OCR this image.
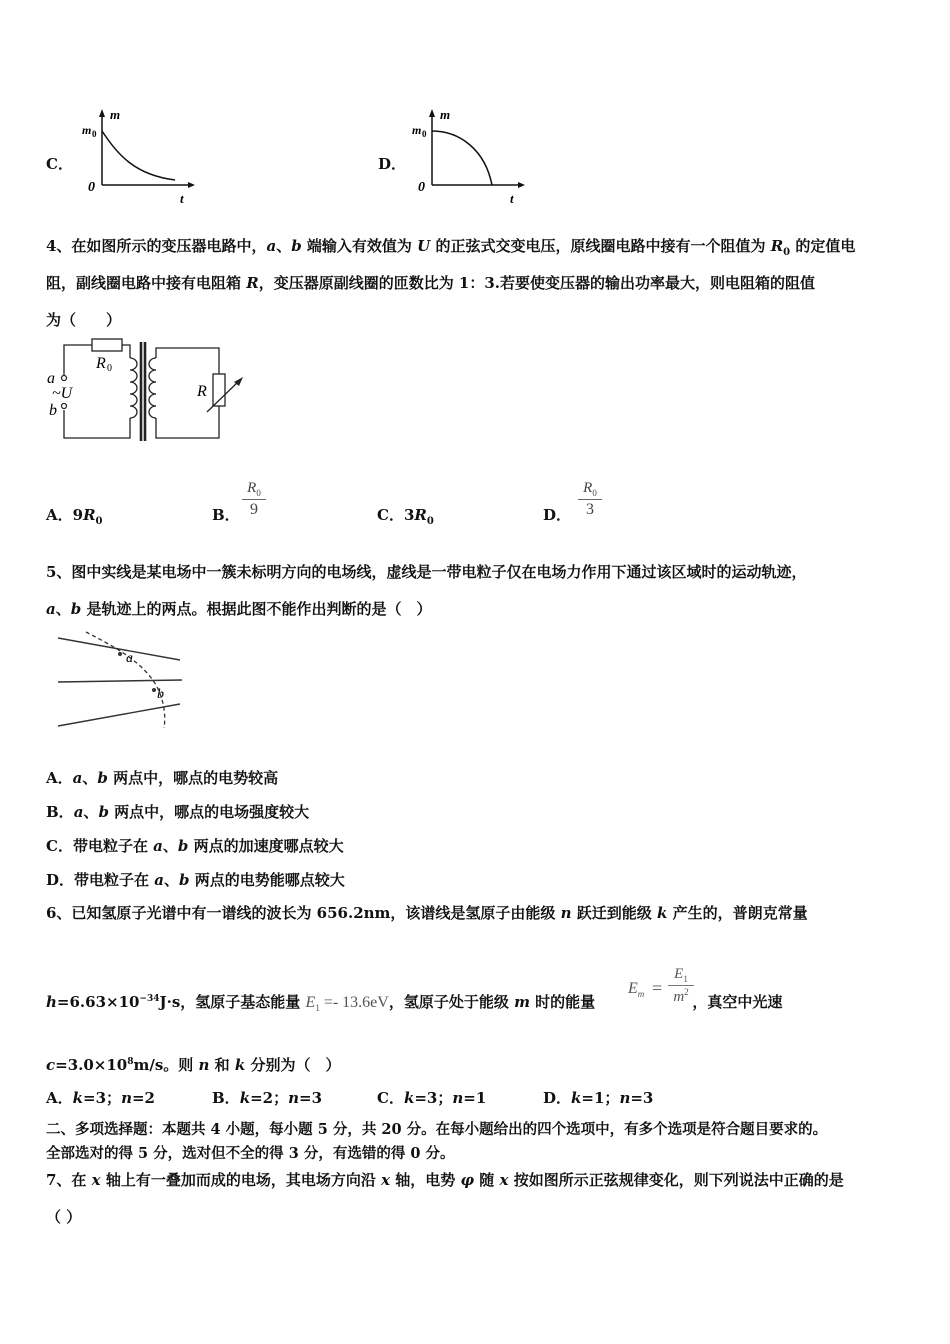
C．
m
m 0
0
t
D．
m
m 0
0
t
4、在如图所示的变压器电路中，a、b 端输入有效值为 U 的正弦式交变电压，原线圈电路中接有一个阻值为 $R_0$ 的定值电
阻，副线圈电路中接有电阻箱 R，变压器原副线圈的匝数比为 1：3.若要使变压器的输出功率最大，则电阻箱的阻值
为（　　）
R 0
a
~U
b
R
A．$9R_0$	B．
$R_0$
9	C．$3R_0$	D．
$R_0$
3
5、图中实线是某电场中一簇未标明方向的电场线，虚线是一带电粒子仅在电场力作用下通过该区域时的运动轨迹，
a、b 是轨迹上的两点。根据此图不能作出判断的是（　）
a
b
A．a、b 两点中，哪点的电势较高
B．a、b 两点中，哪点的电场强度较大
C．带电粒子在 a、b 两点的加速度哪点较大
D．带电粒子在 a、b 两点的电势能哪点较大
6、已知氢原子光谱中有一谱线的波长为 656.2nm，该谱线是氢原子由能级 n 跃迁到能级 k 产生的，普朗克常量
$h=6.63\times 10^{-34}J\cdot s$，氢原子基态能量 $E_1 =- 13.6eV$，氢原子处于能级 m 时的能量	，真空中光速
$E_m$ =
$E_1$
$m^2$
$c=3.0\times 10^8m/s$。则 n 和 k 分别为（　）
A．k=3；n=2	B．k=2；n=3	C．k=3；n=1	D．k=1；n=3
二、多项选择题：本题共 4 小题，每小题 5 分，共 20 分。在每小题给出的四个选项中，有多个选项是符合题目要求的。
全部选对的得 5 分，选对但不全的得 3 分，有选错的得 0 分。
7、在 x 轴上有一叠加而成的电场，其电场方向沿 x 轴，电势 φ 随 x 按如图所示正弦规律变化，则下列说法中正确的是
（ ）
